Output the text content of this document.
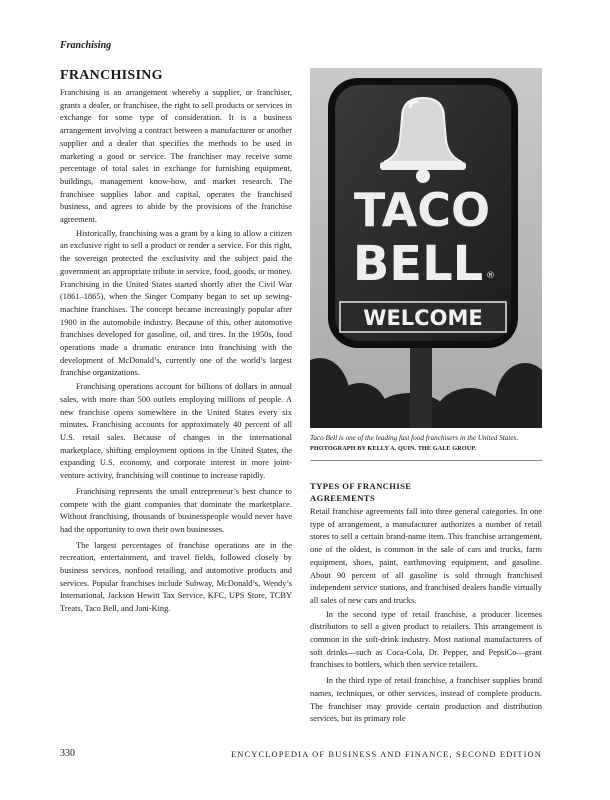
Franchising
FRANCHISING

Franchising is an arrangement whereby a supplier, or franchiser, grants a dealer, or franchisee, the right to sell products or services in exchange for some type of consideration. It is a business arrangement involving a contract between a manufacturer or another supplier and a dealer that specifies the methods to be used in marketing a good or service. The franchiser may receive some percentage of total sales in exchange for furnishing equipment, buildings, management know-how, and market research. The franchisee supplies labor and capital, operates the franchised business, and agrees to abide by the provisions of the franchise agreement.

Historically, franchising was a grant by a king to allow a citizen an exclusive right to sell a product or render a service. For this right, the sovereign protected the exclusivity and the subject paid the government an appropriate tribute in service, food, goods, or money. Franchising in the United States started shortly after the Civil War (1861–1865), when the Singer Company began to set up sewing-machine franchises. The concept became increasingly popular after 1900 in the automobile industry. Because of this, other automotive franchises developed for gasoline, oil, and tires. In the 1950s, food operations made a dramatic entrance into franchising with the development of McDonald’s, currently one of the world’s largest franchise organizations.

Franchising operations account for billions of dollars in annual sales, with more than 500 outlets employing millions of people. A new franchise opens somewhere in the United States every six minutes. Franchising accounts for approximately 40 percent of all U.S. retail sales. Because of changes in the international marketplace, shifting employment options in the United States, the expanding U.S. economy, and corporate interest in more joint-venture activity, franchising will continue to increase rapidly.

Franchising represents the small entrepreneur’s best chance to compete with the giant companies that dominate the marketplace. Without franchising, thousands of businesspeople would never have had the opportunity to own their own businesses.

The largest percentages of franchise operations are in the recreation, entertainment, and travel fields, followed closely by business services, nonfood retailing, and automotive products and services. Popular franchises include Subway, McDonald’s, Wendy’s International, Jackson Hewitt Tax Service, KFC, UPS Store, TCBY Treats, Taco Bell, and Jani-King.

TACO
BELL ®
WELCOME
Taco Bell is one of the leading fast food franchisers in the United States. PHOTOGRAPH BY KELLY A. QUIN. THE GALE GROUP.
TYPES OF FRANCHISE AGREEMENTS

Retail franchise agreements fall into three general categories. In one type of arrangement, a manufacturer authorizes a number of retail stores to sell a certain brand-name item. This franchise arrangement, one of the oldest, is common in the sale of cars and trucks, farm equipment, shoes, paint, earthmoving equipment, and gasoline. About 90 percent of all gasoline is sold through franchised independent service stations, and franchised dealers handle virtually all sales of new cars and trucks.

In the second type of retail franchise, a producer licenses distributors to sell a given product to retailers. This arrangement is common in the soft-drink industry. Most national manufacturers of soft drinks—such as Coca-Cola, Dr. Pepper, and PepsiCo—grant franchises to bottlers, which then service retailers.

In the third type of retail franchise, a franchiser supplies brand names, techniques, or other services, instead of complete products. The franchiser may provide certain production and distribution services, but its primary role

330	ENCYCLOPEDIA OF BUSINESS AND FINANCE, SECOND EDITION
